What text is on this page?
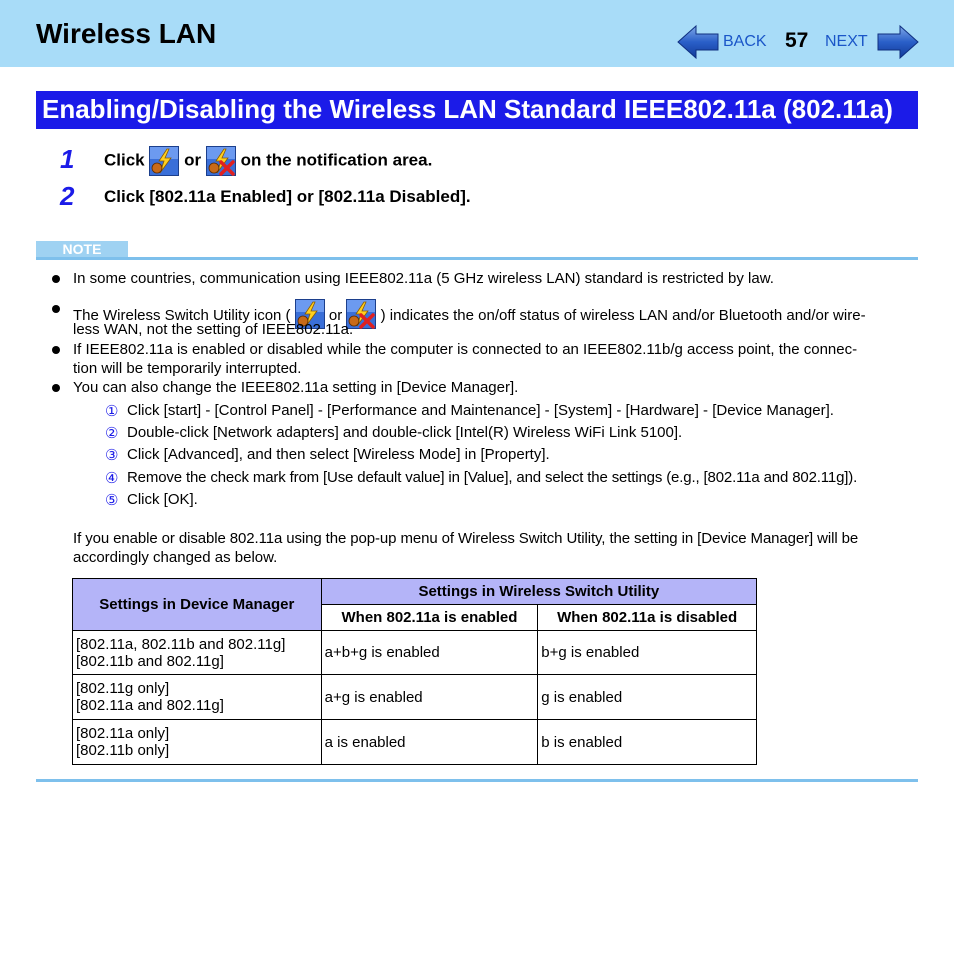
Wireless LAN	BACK 57 NEXT
Enabling/Disabling the Wireless LAN Standard IEEE802.11a (802.11a)
1 Click or on the notification area.
2 Click [802.11a Enabled] or [802.11a Disabled].
NOTE
In some countries, communication using IEEE802.11a (5 GHz wireless LAN) standard is restricted by law.
The Wireless Switch Utility icon (	or	) indicates the on/off status of wireless LAN and/or Bluetooth and/or wire-
less WAN, not the setting of IEEE802.11a.
If IEEE802.11a is enabled or disabled while the computer is connected to an IEEE802.11b/g access point, the connec-
tion will be temporarily interrupted.
You can also change the IEEE802.11a setting in [Device Manager].
① Click [start] - [Control Panel] - [Performance and Maintenance] - [System] - [Hardware] - [Device Manager].
② Double-click [Network adapters] and double-click [Intel(R) Wireless WiFi Link 5100].
③ Click [Advanced], and then select [Wireless Mode] in [Property].
④ Remove the check mark from [Use default value] in [Value], and select the settings (e.g., [802.11a and 802.11g]).
⑤ Click [OK].
If you enable or disable 802.11a using the pop-up menu of Wireless Switch Utility, the setting in [Device Manager] will be
accordingly changed as below.
Settings in Device Manager	Settings in Wireless Switch Utility	
	When 802.11a is enabled	When 802.11a is disabled

[802.11a, 802.11b and 802.11g]
[802.11b and 802.11g]	a+b+g is enabled	b+g is enabled

[802.11g only]
[802.11a and 802.11g]	a+g is enabled	g is enabled

[802.11a only]
[802.11b only]	a is enabled	b is enabled
